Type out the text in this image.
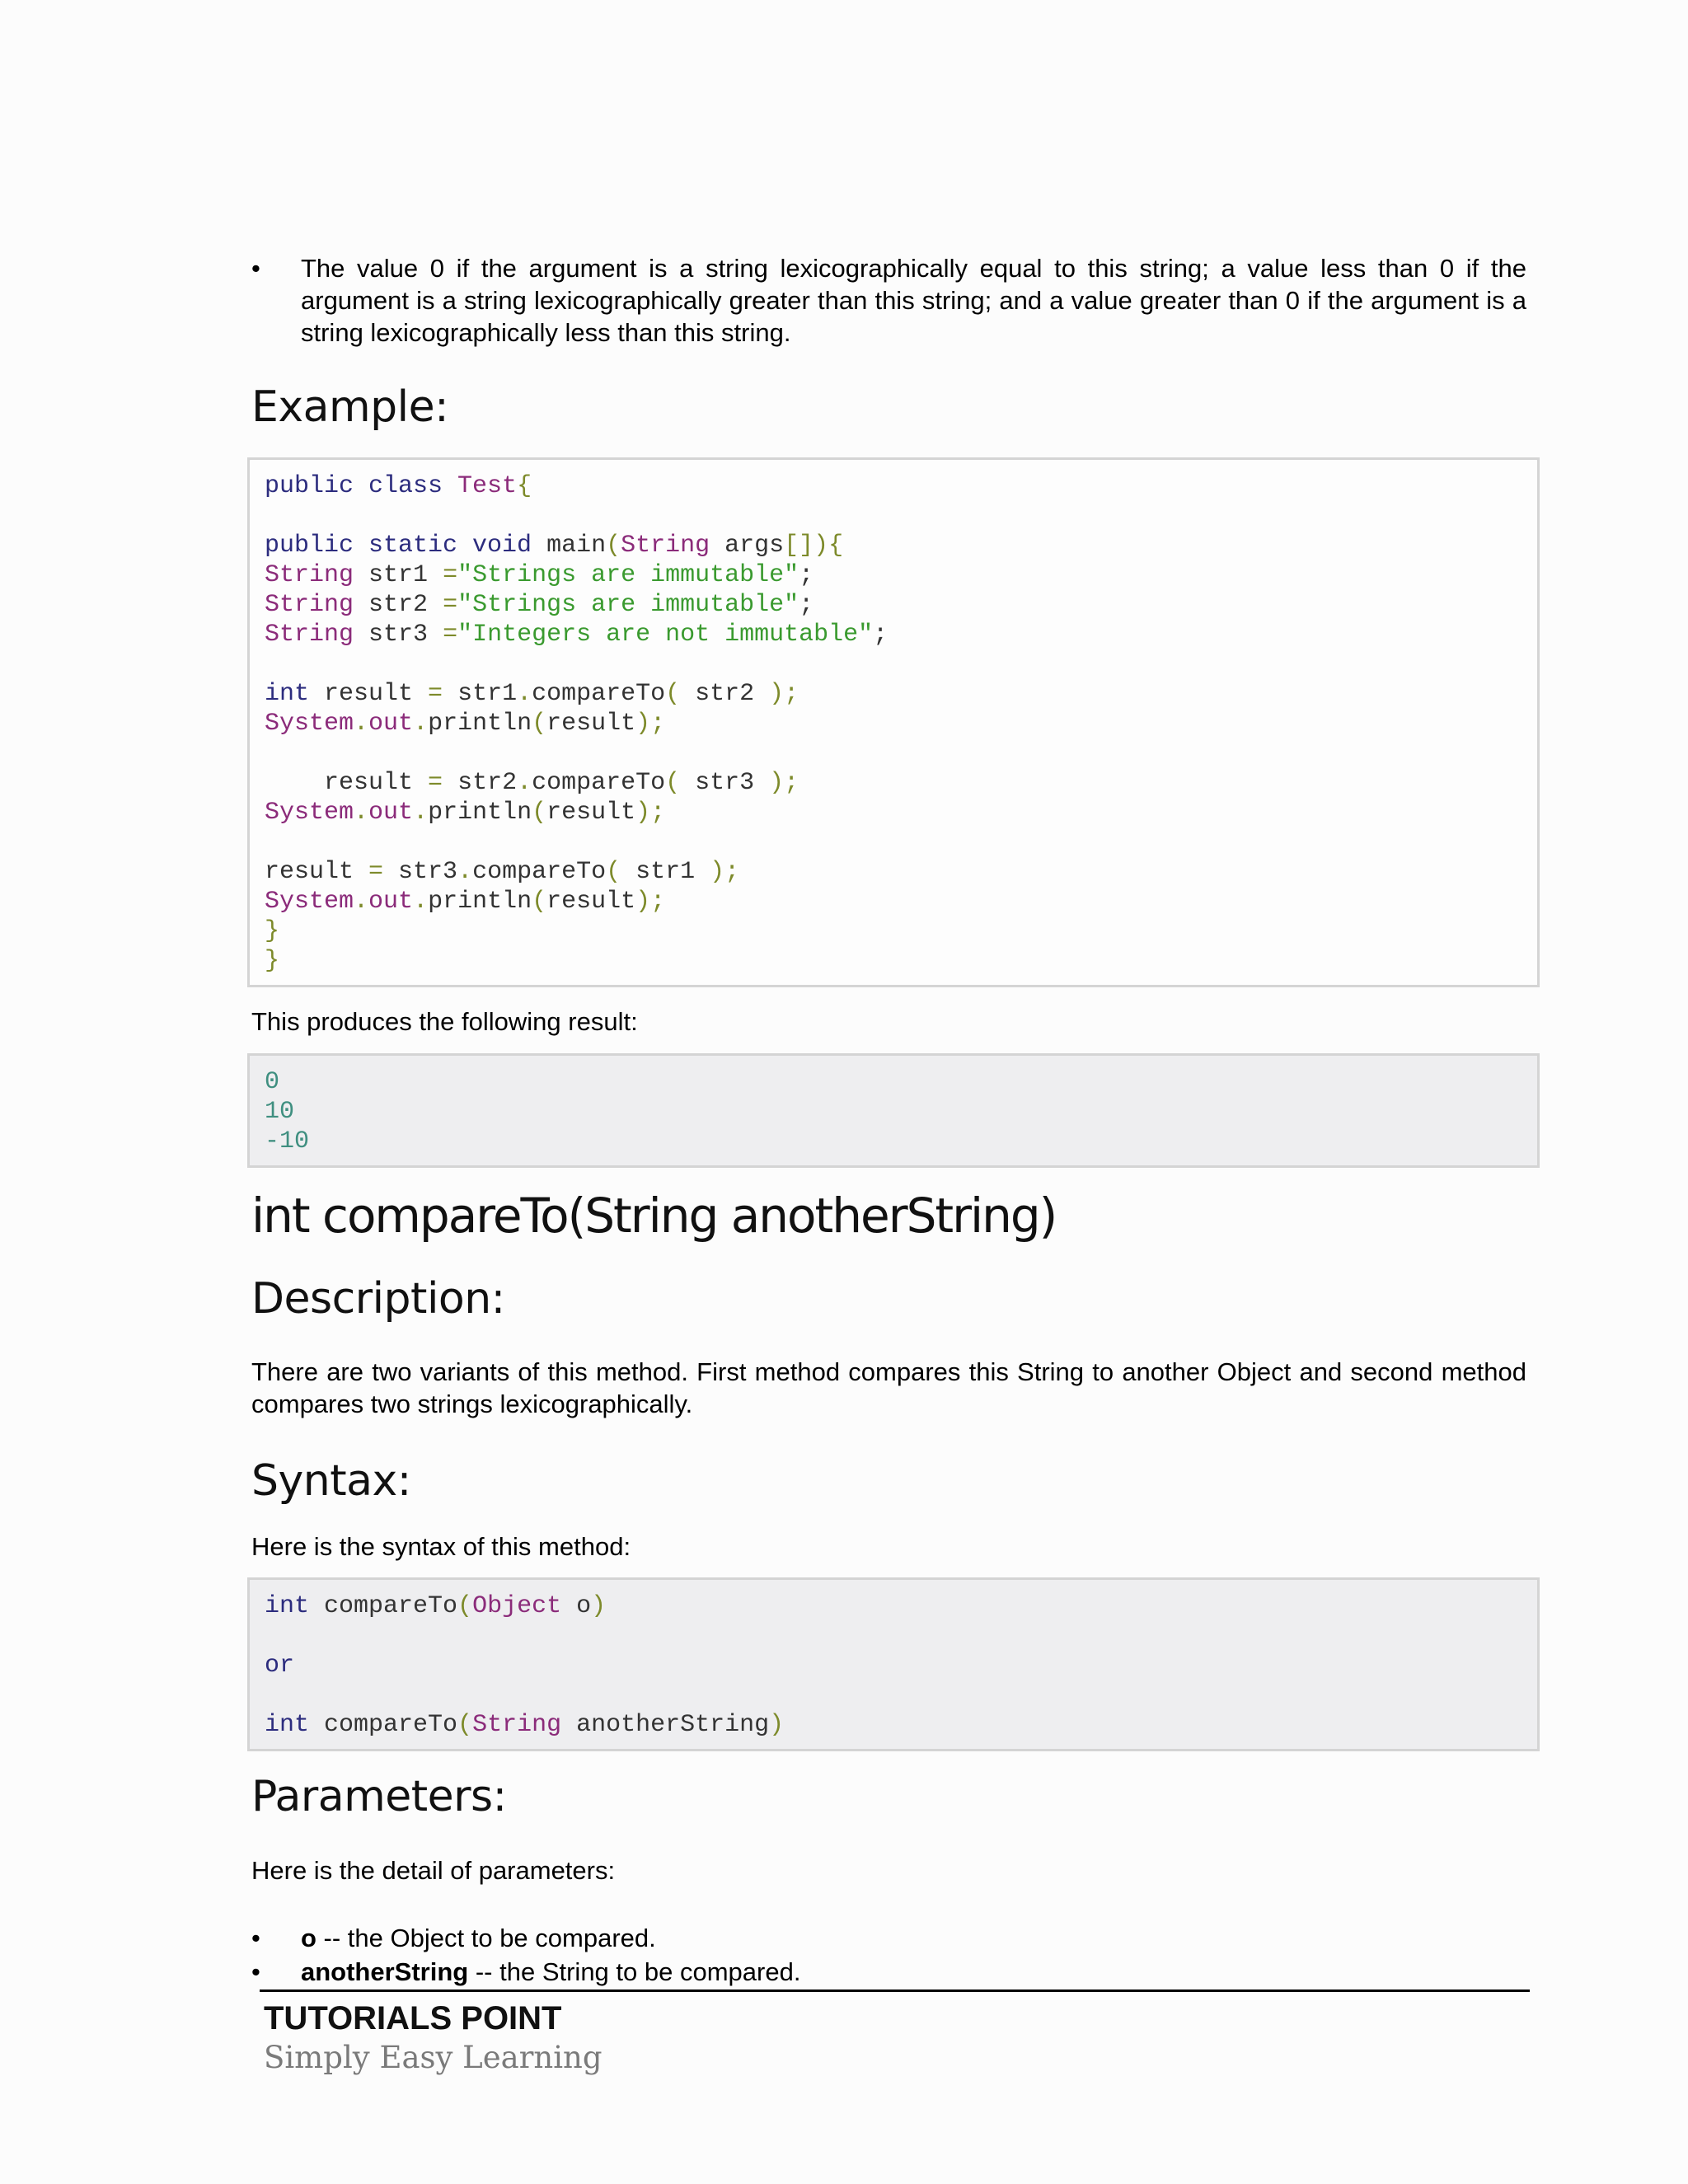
•	The value 0 if the argument is a string lexicographically equal to this string; a value less than 0 if the argument is a string lexicographically greater than this string; and a value greater than 0 if the argument is a string lexicographically less than this string.
Example:
public class Test{

public static void main(String args[]){
String str1 ="Strings are immutable";
String str2 ="Strings are immutable";
String str3 ="Integers are not immutable";

int result = str1.compareTo( str2 );
System.out.println(result);

result = str2.compareTo( str3 );
System.out.println(result);

result = str3.compareTo( str1 );
System.out.println(result);
}
}
This produces the following result:
0
10
-10
int compareTo(String anotherString)
Description:
There are two variants of this method. First method compares this String to another Object and second method compares two strings lexicographically.
Syntax:
Here is the syntax of this method:
int compareTo(Object o)

or

int compareTo(String anotherString)
Parameters:
Here is the detail of parameters:
•	o -- the Object to be compared.
•	anotherString -- the String to be compared.
TUTORIALS POINT
Simply Easy Learning
